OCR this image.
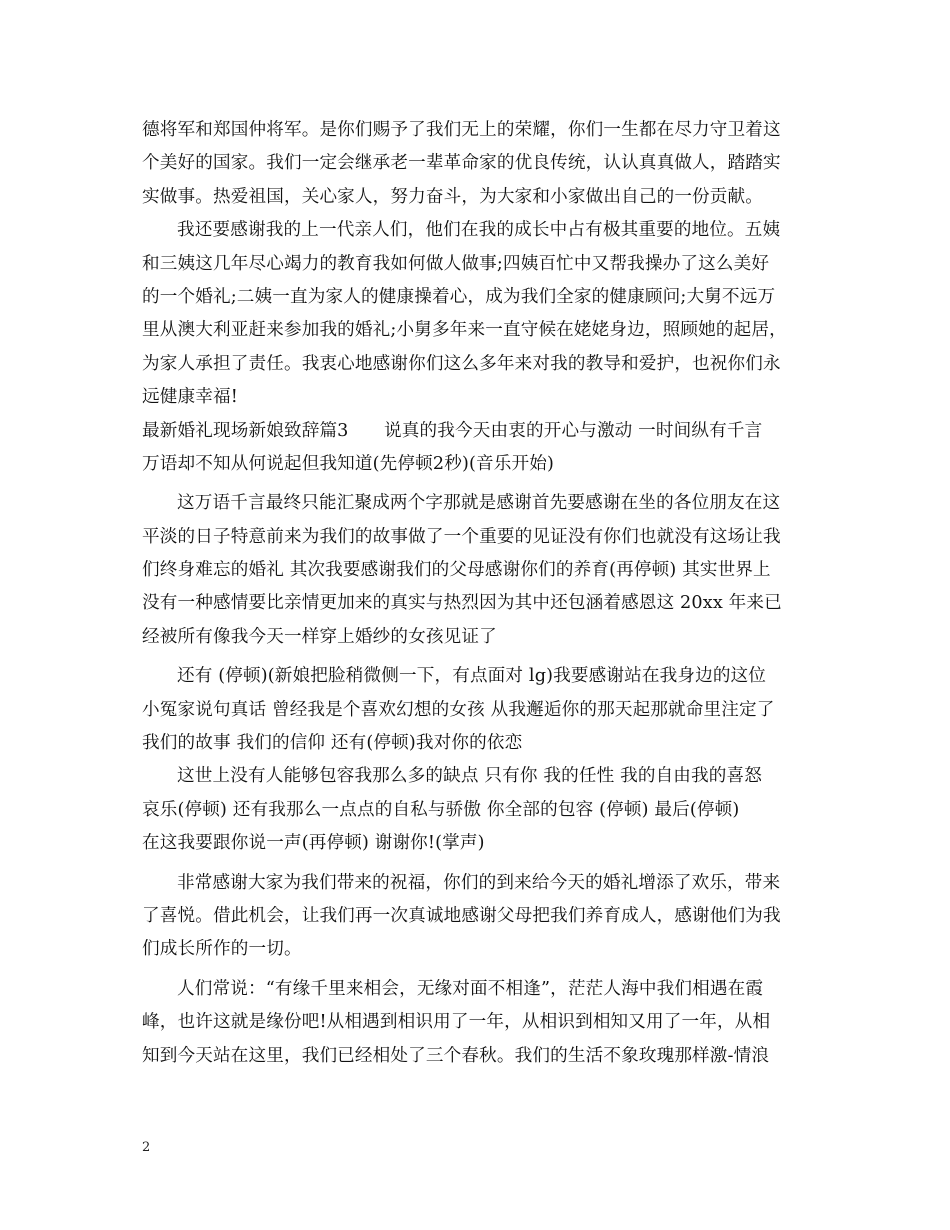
德将军和郑国仲将军。是你们赐予了我们无上的荣耀，你们一生都在尽力守卫着这
个美好的国家。我们一定会继承老一辈革命家的优良传统，认认真真做人，踏踏实
实做事。热爱祖国，关心家人，努力奋斗，为大家和小家做出自己的一份贡献。
我还要感谢我的上一代亲人们，他们在我的成长中占有极其重要的地位。五姨
和三姨这几年尽心竭力的教育我如何做人做事;四姨百忙中又帮我操办了这么美好
的一个婚礼;二姨一直为家人的健康操着心，成为我们全家的健康顾问;大舅不远万
里从澳大利亚赶来参加我的婚礼;小舅多年来一直守候在姥姥身边，照顾她的起居，
为家人承担了责任。我衷心地感谢你们这么多年来对我的教导和爱护，也祝你们永
远健康幸福!
最新婚礼现场新娘致辞篇3　　说真的我今天由衷的开心与激动 一时间纵有千言
万语却不知从何说起但我知道(先停顿2秒)(音乐开始)
这万语千言最终只能汇聚成两个字那就是感谢首先要感谢在坐的各位朋友在这
平淡的日子特意前来为我们的故事做了一个重要的见证没有你们也就没有这场让我
们终身难忘的婚礼 其次我要感谢我们的父母感谢你们的养育(再停顿) 其实世界上
没有一种感情要比亲情更加来的真实与热烈因为其中还包涵着感恩这 20xx 年来已
经被所有像我今天一样穿上婚纱的女孩见证了
还有 (停顿)(新娘把脸稍微侧一下，有点面对 lg)我要感谢站在我身边的这位
小冤家说句真话 曾经我是个喜欢幻想的女孩 从我邂逅你的那天起那就命里注定了
我们的故事 我们的信仰 还有(停顿)我对你的依恋
这世上没有人能够包容我那么多的缺点 只有你 我的任性 我的自由我的喜怒
哀乐(停顿) 还有我那么一点点的自私与骄傲 你全部的包容 (停顿) 最后(停顿)
在这我要跟你说一声(再停顿) 谢谢你!(掌声)
非常感谢大家为我们带来的祝福，你们的到来给今天的婚礼增添了欢乐，带来
了喜悦。借此机会，让我们再一次真诚地感谢父母把我们养育成人，感谢他们为我
们成长所作的一切。
人们常说：“有缘千里来相会，无缘对面不相逢”，茫茫人海中我们相遇在霞
峰，也许这就是缘份吧!从相遇到相识用了一年，从相识到相知又用了一年，从相
知到今天站在这里，我们已经相处了三个春秋。我们的生活不象玫瑰那样激-情浪
2
